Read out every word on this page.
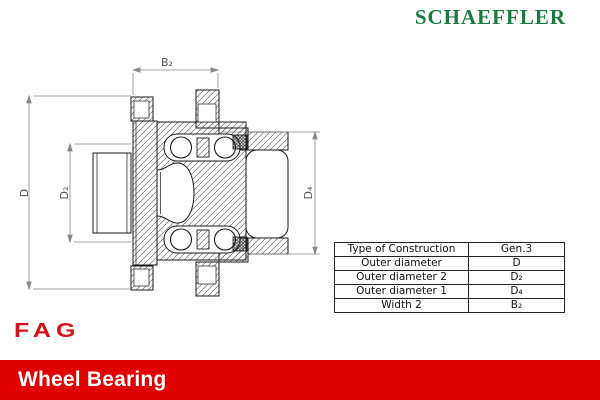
SCHAEFFLER
B₂
D D₂	D₄
Type of Construction	Gen.3
Outer diameter	D
Outer diameter 2	D₂
Outer diameter 1	D₄
Width 2	B₂
FAG
Wheel Bearing
